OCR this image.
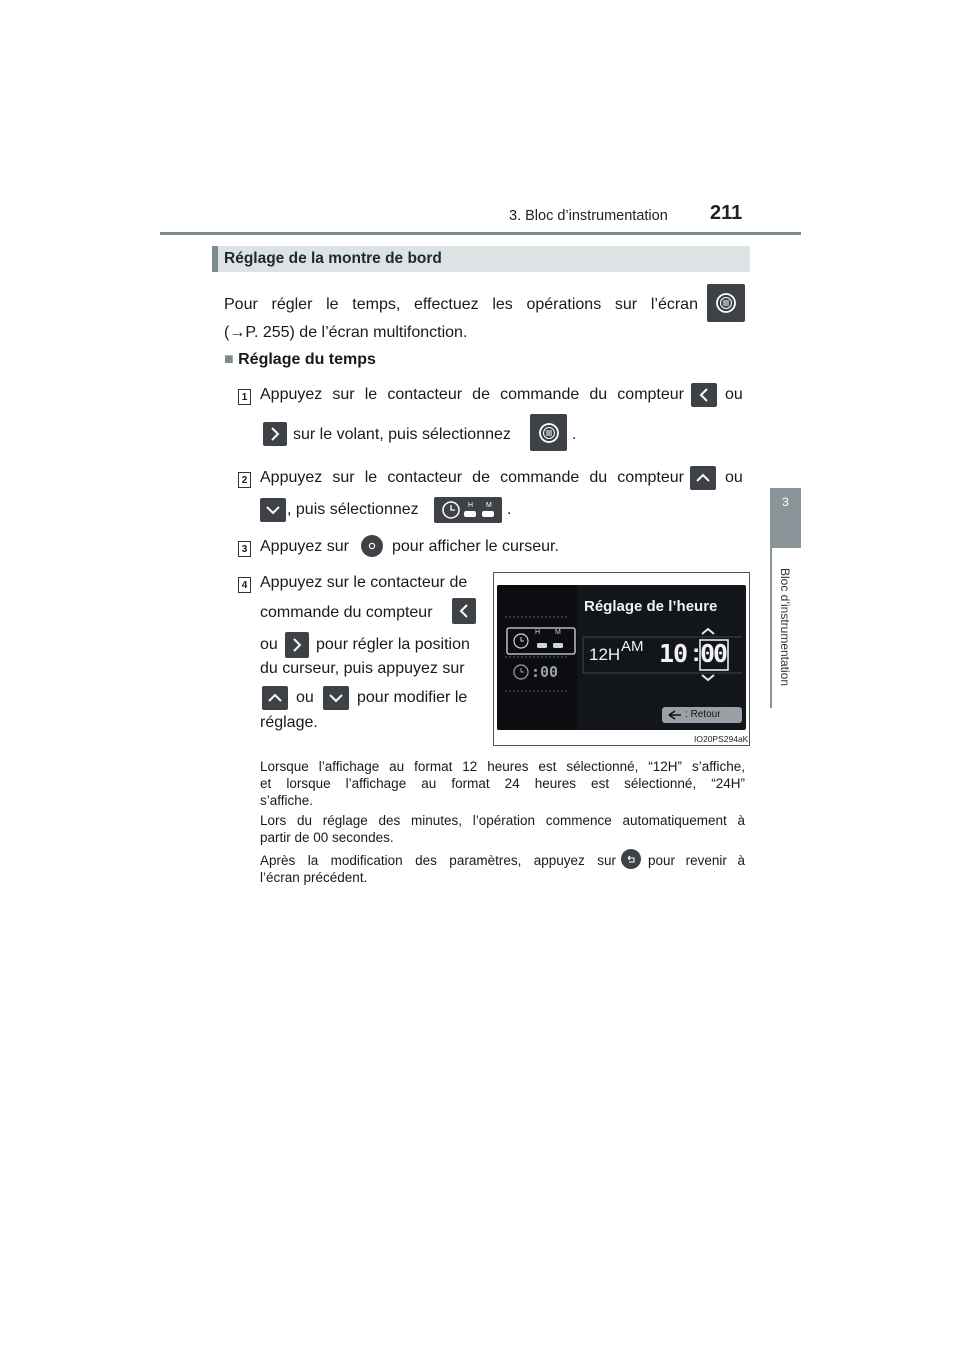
3. Bloc d’instrumentation 211
3
Bloc d’instrumentation
Réglage de la montre de bord
Pour régler le temps, effectuez les opérations sur l’écran
(→P. 255) de l’écran multifonction.
■ Réglage du temps
1 Appuyez sur le contacteur de commande du compteur	ou
sur le volant, puis sélectionnez	.
2 Appuyez sur le contacteur de commande du compteur	ou
, puis sélectionnez	H M .
3 Appuyez sur	pour afficher le curseur.
4 Appuyez sur le contacteur de
commande du compteur
ou pour régler la position
du curseur, puis appuyez sur
ou	pour modifier le
réglage.
Réglage de l’heure
H M
:00
12H AM 10 : 00
: Retour
IO20PS294aK
Lorsque l’affichage au format 12 heures est sélectionné, “12H” s’affiche,
et lorsque l’affichage au format 24 heures est sélectionné, “24H”
s’affiche.
Lors du réglage des minutes, l’opération commence automatiquement à
partir de 00 secondes.
Après la modification des paramètres, appuyez sur pour revenir à
l’écran précédent.
